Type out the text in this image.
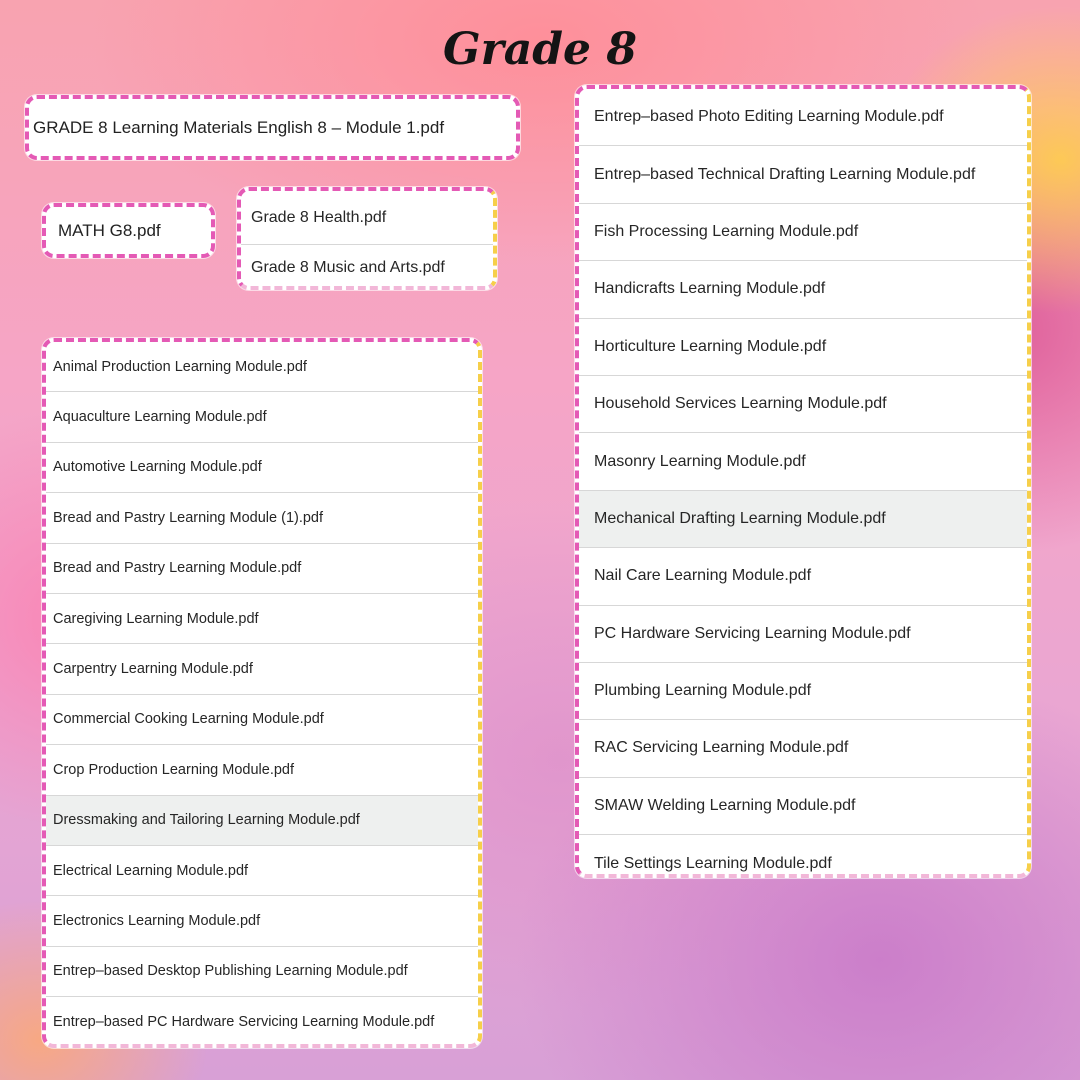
Grade 8
GRADE 8 Learning Materials English 8 – Module 1.pdf
MATH G8.pdf
Grade 8 Health.pdf
Grade 8 Music and Arts.pdf
Animal Production Learning Module.pdf
Aquaculture Learning Module.pdf
Automotive Learning Module.pdf
Bread and Pastry Learning Module (1).pdf
Bread and Pastry Learning Module.pdf
Caregiving Learning Module.pdf
Carpentry Learning Module.pdf
Commercial Cooking Learning Module.pdf
Crop Production Learning Module.pdf
Dressmaking and Tailoring Learning Module.pdf
Electrical Learning Module.pdf
Electronics Learning Module.pdf
Entrep–based Desktop Publishing Learning Module.pdf
Entrep–based PC Hardware Servicing Learning Module.pdf
Entrep–based Photo Editing Learning Module.pdf
Entrep–based Technical Drafting Learning Module.pdf
Fish Processing Learning Module.pdf
Handicrafts Learning Module.pdf
Horticulture Learning Module.pdf
Household Services Learning Module.pdf
Masonry Learning Module.pdf
Mechanical Drafting Learning Module.pdf
Nail Care Learning Module.pdf
PC Hardware Servicing Learning Module.pdf
Plumbing Learning Module.pdf
RAC Servicing Learning Module.pdf
SMAW Welding Learning Module.pdf
Tile Settings Learning Module.pdf
